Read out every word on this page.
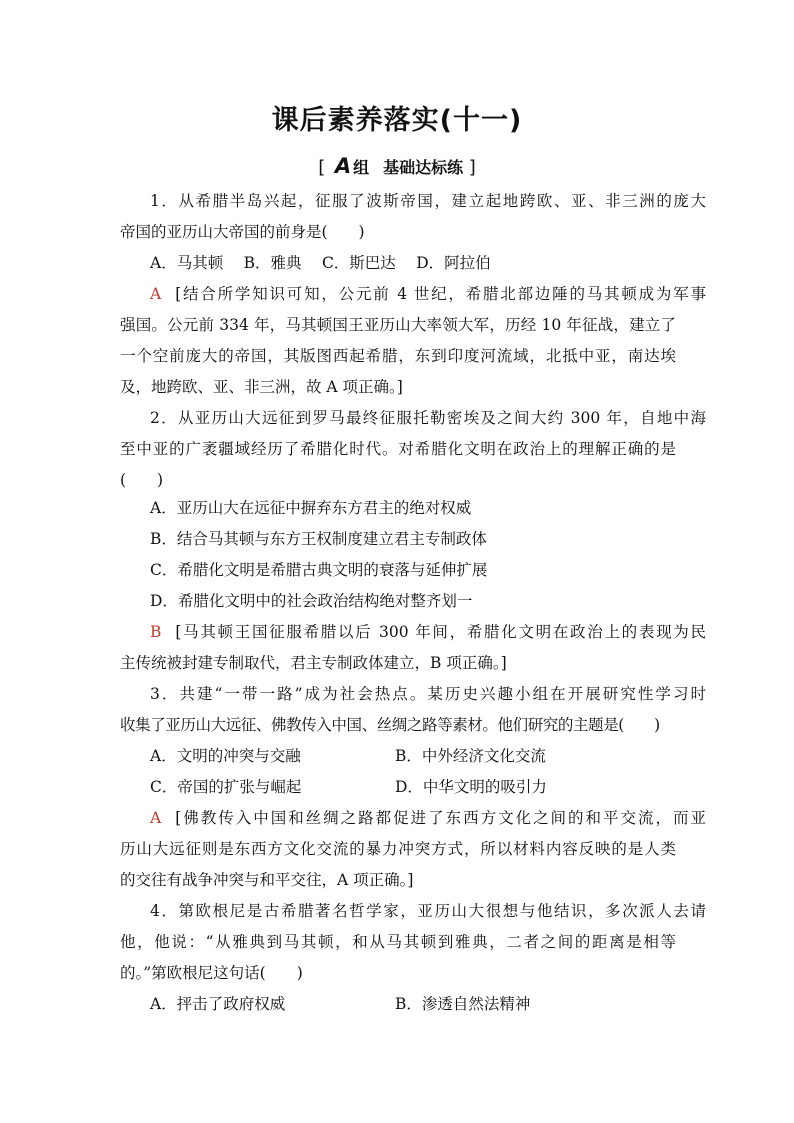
课后素养落实(十一)
[ A 组 基础达标练 ]
1．从希腊半岛兴起，征服了波斯帝国，建立起地跨欧、亚、非三洲的庞大
帝国的亚历山大帝国的前身是(　　)
A．马其顿　 B．雅典　 C．斯巴达　 D．阿拉伯
A [结合所学知识可知，公元前 4 世纪，希腊北部边陲的马其顿成为军事
强国。公元前 334 年，马其顿国王亚历山大率领大军，历经 10 年征战，建立了
一个空前庞大的帝国，其版图西起希腊，东到印度河流域，北抵中亚，南达埃
及，地跨欧、亚、非三洲，故 A 项正确。]
2．从亚历山大远征到罗马最终征服托勒密埃及之间大约 300 年，自地中海
至中亚的广袤疆域经历了希腊化时代。对希腊化文明在政治上的理解正确的是
(　　)
A．亚历山大在远征中摒弃东方君主的绝对权威
B．结合马其顿与东方王权制度建立君主专制政体
C．希腊化文明是希腊古典文明的衰落与延伸扩展
D．希腊化文明中的社会政治结构绝对整齐划一
B [马其顿王国征服希腊以后 300 年间，希腊化文明在政治上的表现为民
主传统被封建专制取代，君主专制政体建立，B 项正确。]
3．共建“一带一路”成为社会热点。某历史兴趣小组在开展研究性学习时
收集了亚历山大远征、佛教传入中国、丝绸之路等素材。他们研究的主题是(　　)
A．文明的冲突与交融	B．中外经济文化交流
C．帝国的扩张与崛起	D．中华文明的吸引力
A [佛教传入中国和丝绸之路都促进了东西方文化之间的和平交流，而亚
历山大远征则是东西方文化交流的暴力冲突方式，所以材料内容反映的是人类
的交往有战争冲突与和平交往，A 项正确。]
4．第欧根尼是古希腊著名哲学家，亚历山大很想与他结识，多次派人去请
他，他说：“从雅典到马其顿，和从马其顿到雅典，二者之间的距离是相等
的。”第欧根尼这句话(　　)
A．抨击了政府权威	B．渗透自然法精神
